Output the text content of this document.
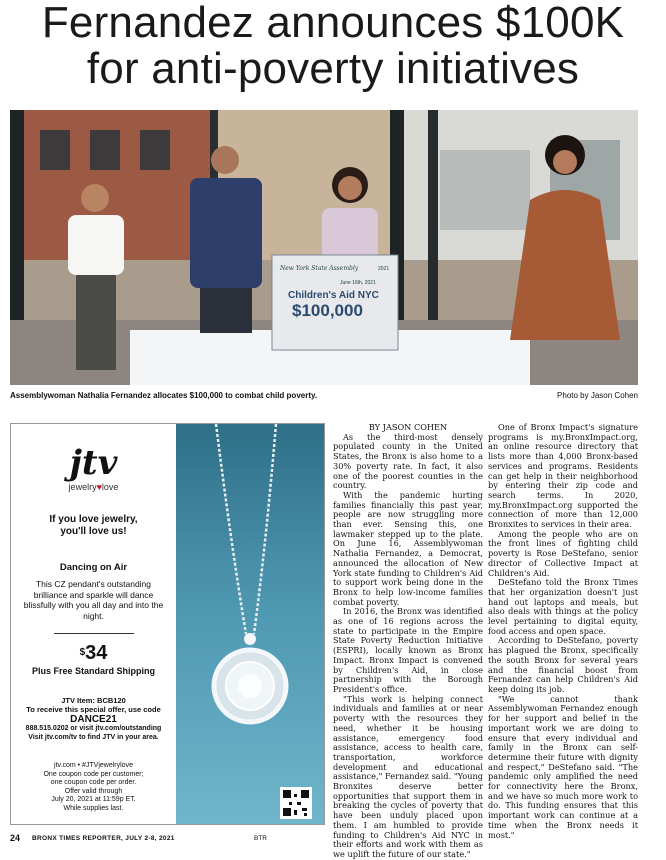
Fernandez announces $100K
for anti-poverty initiatives
New York State Assembly
June 16th, 2021
Children's Aid NYC
$100,000
2021
Assemblywoman Nathalia Fernandez allocates $100,000 to combat child poverty.	Photo by Jason Cohen
jtv
jewelry♥love
If you love jewelry,
you'll love us!
Dancing on Air
This CZ pendant's outstanding brilliance and sparkle will dance blissfully with you all day and into the night.
$34
Plus Free Standard Shipping
JTV Item: BCB120
To receive this special offer, use code
DANCE21
888.515.0202 or visit jtv.com/outstanding
Visit jtv.com/tv to find JTV in your area.
jtv.com • #JTVjewelrylove
One coupon code per customer;
one coupon code per order.
Offer valid through
July 20, 2021 at 11:59p ET.
While supplies last.

BY JASON COHEN

As the third-most densely populated county in the United States, the Bronx is also home to a 30% poverty rate. In fact, it also one of the poorest counties in the country.

With the pandemic hurting families financially this past year, people are now struggling more than ever. Sensing this, one lawmaker stepped up to the plate. On June 16, Assemblywoman Nathalia Fernandez, a Democrat, announced the allocation of New York state funding to Children's Aid to support work being done in the Bronx to help low-income families combat poverty.

In 2016, the Bronx was identified as one of 16 regions across the state to participate in the Empire State Poverty Reduction Initiative (ESPRI), locally known as Bronx Impact. Bronx Impact is convened by Children's Aid, in close partnership with the Borough President's office.

"This work is helping connect individuals and families at or near poverty with the resources they need, whether it be housing assistance, emergency food assistance, access to health care, transportation, workforce development and educational assistance," Fernandez said. "Young Bronxites deserve better opportunities that support them in breaking the cycles of poverty that have been unduly placed upon them. I am humbled to provide funding to Children's Aid NYC in their efforts and work with them as we uplift the future of our state."

One of Bronx Impact's signature programs is my.BronxImpact.org, an online resource directory that lists more than 4,000 Bronx-based services and programs. Residents can get help in their neighborhood by entering their zip code and search terms. In 2020, my.BronxImpact.org supported the connection of more than 12,000 Bronxites to services in their area.

Among the people who are on the front lines of fighting child poverty is Rose DeStefano, senior director of Collective Impact at Children's Aid.

DeStefano told the Bronx Times that her organization doesn't just hand out laptops and meals, but also deals with things at the policy level pertaining to digital equity, food access and open space.

According to DeStefano, poverty has plagued the Bronx, specifically the south Bronx for several years and the financial boost from Fernandez can help Children's Aid keep doing its job.

"We cannot thank Assemblywoman Fernandez enough for her support and belief in the important work we are doing to ensure that every individual and family in the Bronx can self-determine their future with dignity and respect," DeStefano said. "The pandemic only amplified the need for connectivity here the Bronx, and we have so much more work to do. This funding ensures that this important work can continue at a time when the Bronx needs it most."

24 BRONX TIMES REPORTER, JULY 2-8, 2021	BTR
